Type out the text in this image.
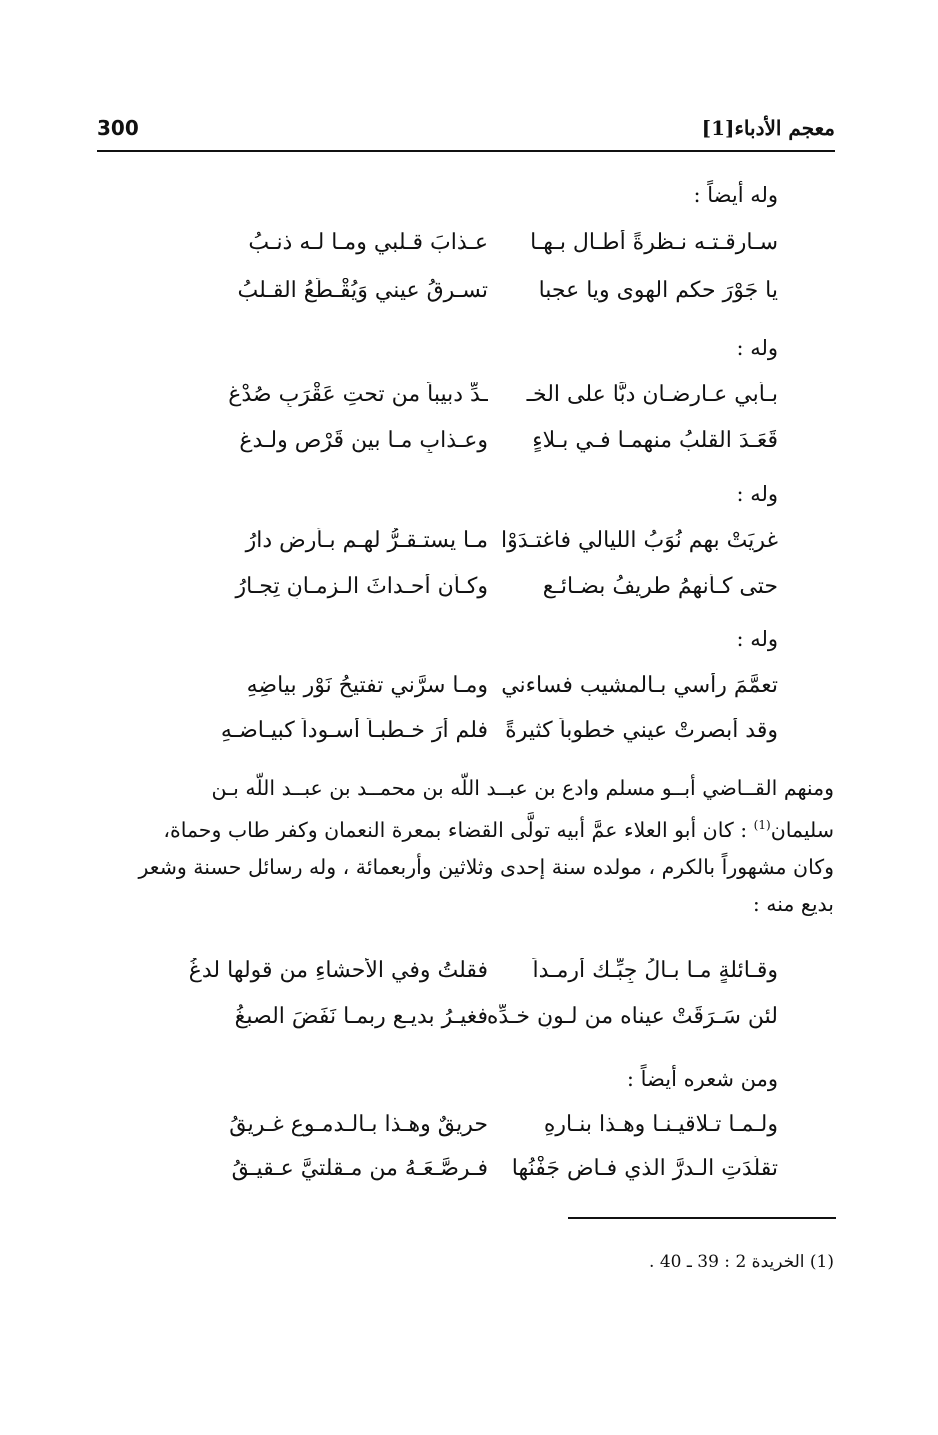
معجم الأدباء[1]
300
وله أيضاً :
سـارقـتـه نـظرةً أطـال بـهـا
عـذابَ قـلبي ومـا لـه ذنـبُ
يا جَوْرَ حكمِ الهوى ويا عجبا
تسـرقُ عيني وَيُقْـطَعُ القـلبُ
وله :
بـأبي عـارضـان دبَّا على الخـ
ـدِّ دبيباً من تحتِ عَقْرَبِ صُدْغِ
قَعَـدَ القلبُ منهمـا فـي بـلاءٍ
وعـذابٍ مـا بين قَرْصٍ ولـدغِ
وله :
غرِيَتْ بهم نُوَبُ الليالي فاغتـدَوْا
مـا يستـقـرُّ لهـم بـأرضٍ دارُ
حتى كـأنهمُ طريفُ بضـائـعٍ
وكـأن أحـداثَ الـزمـانِ تِجـارُ
وله :
تعمَّمَ رأسي بـالمشيب فساءني
ومـا سرَّني تفتيحُ نَوْرِ بياضِهِ
وقد أبصرتْ عيني خطوباً كثيرةً
فلم أرَ خـطبـاً أسـوداً كبيـاضـهِ

ومنهم القــاضي أبــو مسلم وادع بن عبــد اللّه بن محمــد بن عبــد اللّه بـن

سليمان$^{(1)}$ : كان أبو العلاء عمَّ أبيه تولَّى القضاء بمعرة النعمان وكفر طاب وحماة،

وكان مشهوراً بالكرم ، مولده سنة إحدى وثلاثين وأربعمائة ، وله رسائل حسنة وشعر

بديع منه :

وقـائلةٍ مـا بـالُ جِبِّـك أرمـداً
فقلتُ وفي الأحشاءِ من قولها لدغُ
لئن سَـرَقَتْ عيناه من لـونِ خـدِّه
فغيـرُ بديـعٍ ربمـا نَفَضَ الصبغُ
ومن شعره أيضاً :
ولـمـا تـلاقيـنـا وهـذا بنـارِهِ
حريقٌ وهـذا بـالـدمـوع غـريقُ
تقلَّدَتِ الـدرَّ الذي فـاض جَفْنُها
فـرصَّـعَـهُ من مـقلتيَّ عـقيـقُ
(1) الخريدة 2 : 39 ـ 40 .
